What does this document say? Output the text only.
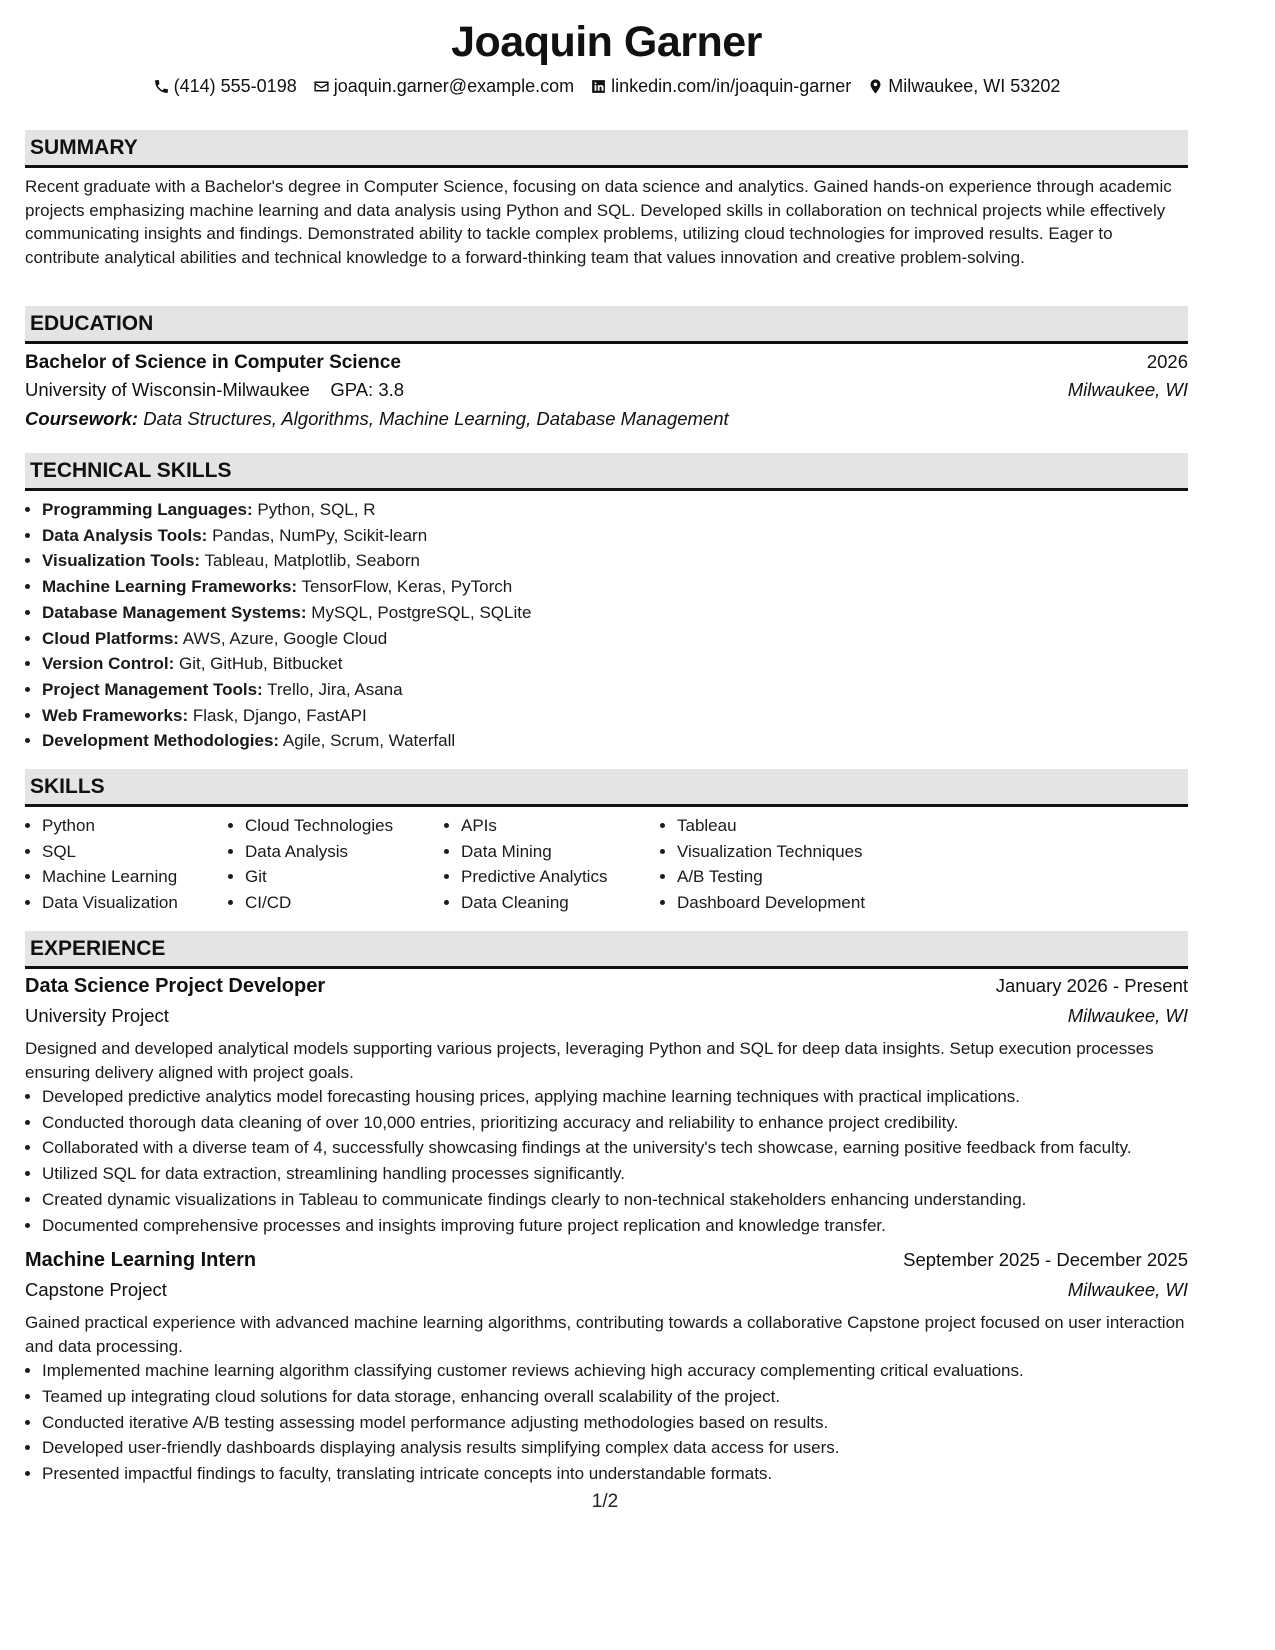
Joaquin Garner
(414) 555-0198 joaquin.garner@example.com linkedin.com/in/joaquin-garner Milwaukee, WI 53202
SUMMARY

Recent graduate with a Bachelor's degree in Computer Science, focusing on data science and analytics. Gained hands-on experience through academic projects emphasizing machine learning and data analysis using Python and SQL. Developed skills in collaboration on technical projects while effectively communicating insights and findings. Demonstrated ability to tackle complex problems, utilizing cloud technologies for improved results. Eager to contribute analytical abilities and technical knowledge to a forward-thinking team that values innovation and creative problem-solving.

EDUCATION
Bachelor of Science in Computer Science	2026
University of Wisconsin-Milwaukee GPA: 3.8	Milwaukee, WI
Coursework: Data Structures, Algorithms, Machine Learning, Database Management
TECHNICAL SKILLS
• Programming Languages: Python, SQL, R
• Data Analysis Tools: Pandas, NumPy, Scikit-learn
• Visualization Tools: Tableau, Matplotlib, Seaborn
• Machine Learning Frameworks: TensorFlow, Keras, PyTorch
• Database Management Systems: MySQL, PostgreSQL, SQLite
• Cloud Platforms: AWS, Azure, Google Cloud
• Version Control: Git, GitHub, Bitbucket
• Project Management Tools: Trello, Jira, Asana
• Web Frameworks: Flask, Django, FastAPI
• Development Methodologies: Agile, Scrum, Waterfall
SKILLS
• Python
• SQL
• Machine Learning
• Data Visualization
• Cloud Technologies
• Data Analysis
• Git
• CI/CD
• APIs
• Data Mining
• Predictive Analytics
• Data Cleaning
• Tableau
• Visualization Techniques
• A/B Testing
• Dashboard Development
EXPERIENCE
Data Science Project Developer	January 2026 - Present
University Project	Milwaukee, WI

Designed and developed analytical models supporting various projects, leveraging Python and SQL for deep data insights. Setup execution processes ensuring delivery aligned with project goals.

• Developed predictive analytics model forecasting housing prices, applying machine learning techniques with practical implications.
• Conducted thorough data cleaning of over 10,000 entries, prioritizing accuracy and reliability to enhance project credibility.
• Collaborated with a diverse team of 4, successfully showcasing findings at the university's tech showcase, earning positive feedback from faculty.
• Utilized SQL for data extraction, streamlining handling processes significantly.
• Created dynamic visualizations in Tableau to communicate findings clearly to non-technical stakeholders enhancing understanding.
• Documented comprehensive processes and insights improving future project replication and knowledge transfer.
Machine Learning Intern	September 2025 - December 2025
Capstone Project	Milwaukee, WI

Gained practical experience with advanced machine learning algorithms, contributing towards a collaborative Capstone project focused on user interaction and data processing.

• Implemented machine learning algorithm classifying customer reviews achieving high accuracy complementing critical evaluations.
• Teamed up integrating cloud solutions for data storage, enhancing overall scalability of the project.
• Conducted iterative A/B testing assessing model performance adjusting methodologies based on results.
• Developed user-friendly dashboards displaying analysis results simplifying complex data access for users.
• Presented impactful findings to faculty, translating intricate concepts into understandable formats.
1/2
